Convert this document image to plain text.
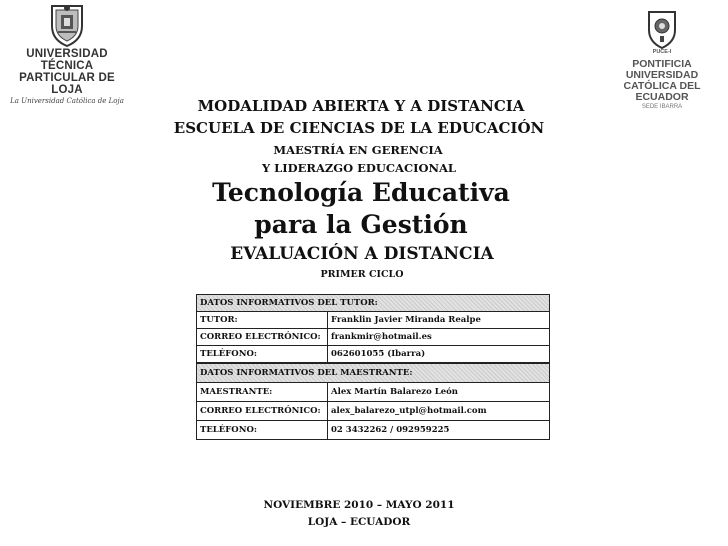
UNIVERSIDAD TÉCNICA
PARTICULAR DE LOJA
La Universidad Católica de Loja
PUCE-I
PONTIFICIA UNIVERSIDAD
CATÓLICA DEL ECUADOR
SEDE IBARRA
MODALIDAD ABIERTA Y A DISTANCIA
ESCUELA DE CIENCIAS DE LA EDUCACIÓN
MAESTRÍA EN GERENCIA
Y LIDERAZGO EDUCACIONAL
Tecnología Educativa
para la Gestión
EVALUACIÓN A DISTANCIA
PRIMER CICLO
DATOS INFORMATIVOS DEL TUTOR:	
TUTOR:	Franklin Javier Miranda Realpe
CORREO ELECTRÓNICO:	frankmir@hotmail.es
TELÉFONO:	062601055 (Ibarra)
DATOS INFORMATIVOS DEL MAESTRANTE:	
MAESTRANTE:	Alex Martín Balarezo León
CORREO ELECTRÓNICO:	alex_balarezo_utpl@hotmail.com
TELÉFONO:	02 3432262 / 092959225
NOVIEMBRE 2010 – MAYO 2011
LOJA – ECUADOR
